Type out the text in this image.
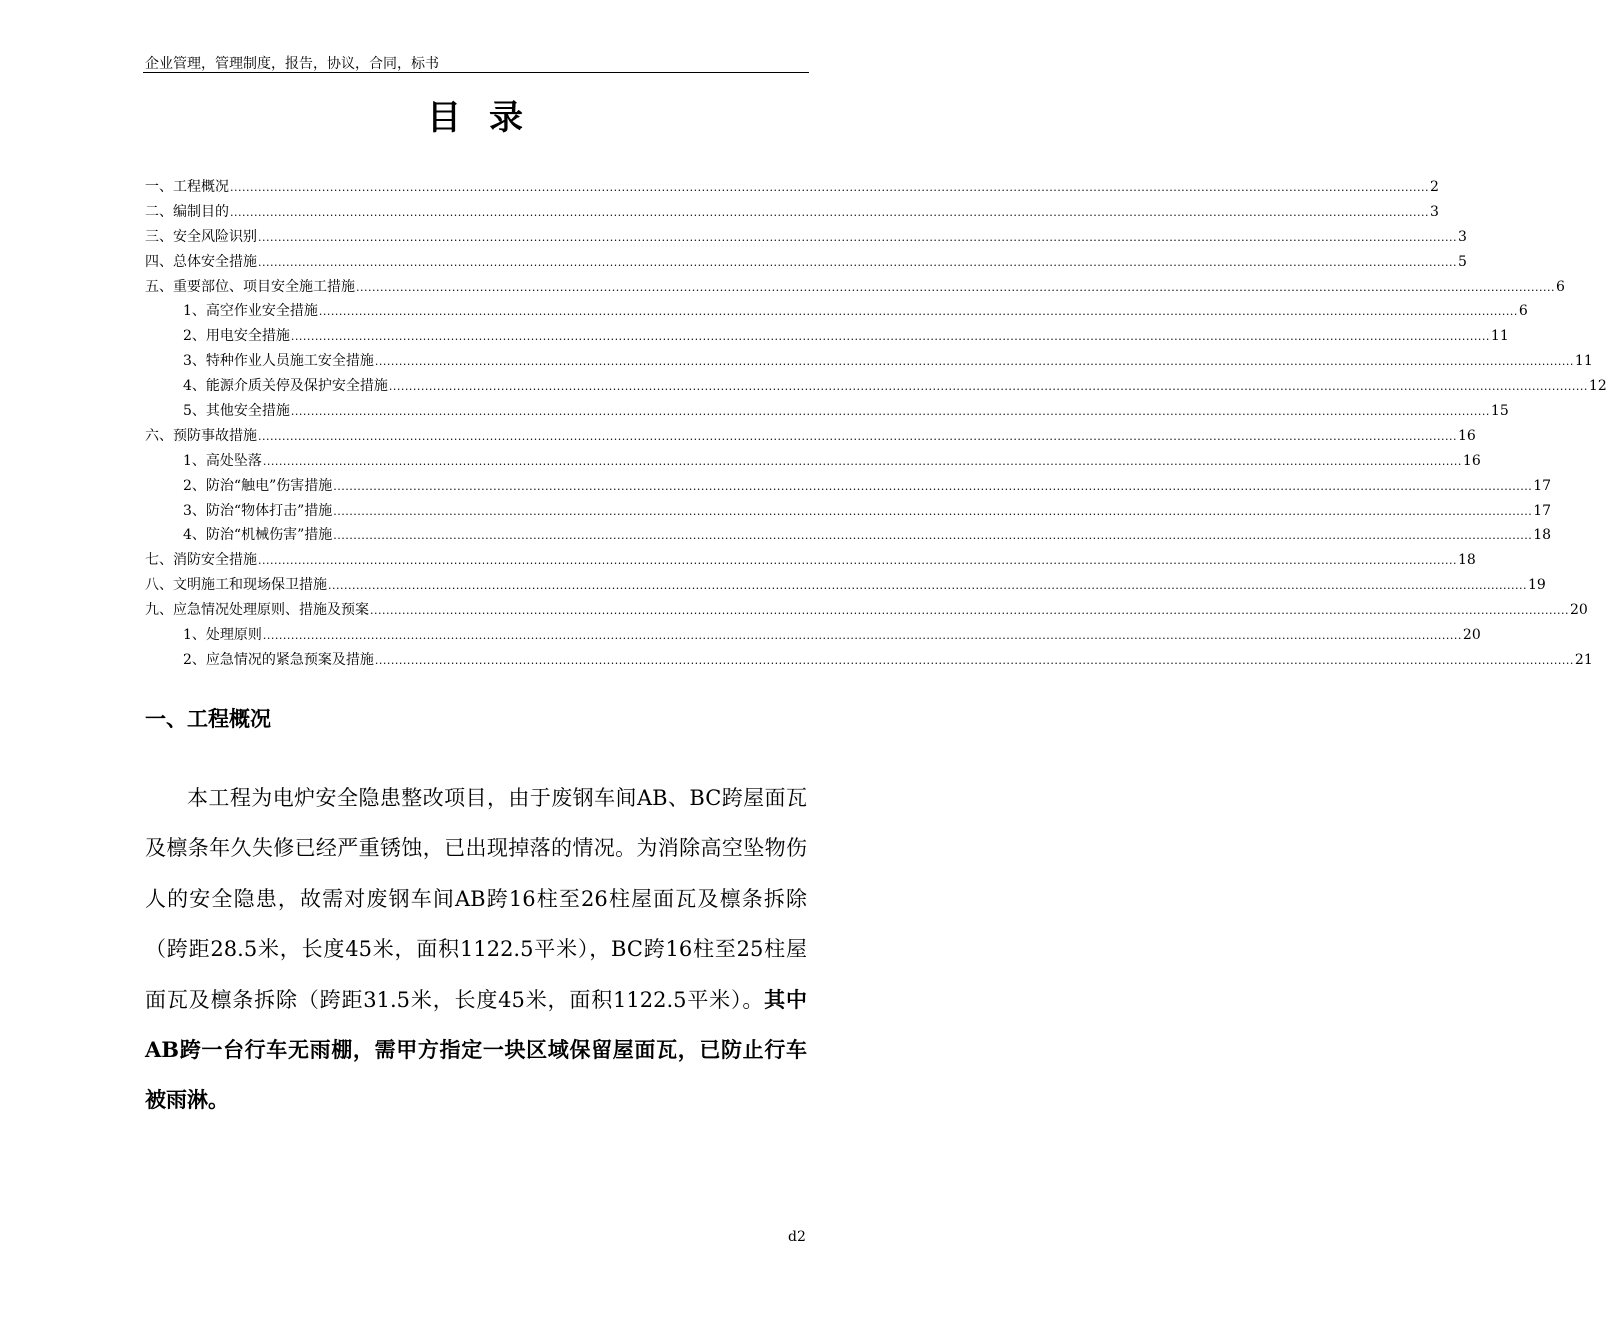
企业管理，管理制度，报告，协议，合同，标书
目录
一、工程概况 ............................................................................................................................................................................................................................................................................................................ 2
二、编制目的 ............................................................................................................................................................................................................................................................................................................ 3
三、安全风险识别 ............................................................................................................................................................................................................................................................................................................ 3
四、总体安全措施 ............................................................................................................................................................................................................................................................................................................ 5
五、重要部位、项目安全施工措施 ............................................................................................................................................................................................................................................................................................................ 6
1、高空作业安全措施 ............................................................................................................................................................................................................................................................................................................ 6
2、用电安全措施 ............................................................................................................................................................................................................................................................................................................ 11
3、特种作业人员施工安全措施 ............................................................................................................................................................................................................................................................................................................ 11
4、能源介质关停及保护安全措施 ............................................................................................................................................................................................................................................................................................................ 12
5、其他安全措施 ............................................................................................................................................................................................................................................................................................................ 15
六、预防事故措施 ............................................................................................................................................................................................................................................................................................................ 16
1、高处坠落 ............................................................................................................................................................................................................................................................................................................ 16
2、防治“触电”伤害措施 ............................................................................................................................................................................................................................................................................................................ 17
3、防治“物体打击”措施 ............................................................................................................................................................................................................................................................................................................ 17
4、防治“机械伤害”措施 ............................................................................................................................................................................................................................................................................................................ 18
七、消防安全措施 ............................................................................................................................................................................................................................................................................................................ 18
八、文明施工和现场保卫措施 ............................................................................................................................................................................................................................................................................................................ 19
九、应急情况处理原则、措施及预案 ............................................................................................................................................................................................................................................................................................................ 20
1、处理原则 ............................................................................................................................................................................................................................................................................................................ 20
2、应急情况的紧急预案及措施 ............................................................................................................................................................................................................................................................................................................ 21
一、工程概况
本工程为电炉安全隐患整改项目，由于废钢车间AB、BC跨屋面瓦及檩条年久失修已经严重锈蚀，已出现掉落的情况。为消除高空坠物伤人的安全隐患，故需对废钢车间AB跨16柱至26柱屋面瓦及檩条拆除（跨距28.5米，长度45米，面积1122.5平米），BC跨16柱至25柱屋面瓦及檩条拆除（跨距31.5米，长度45米，面积1122.5平米）。其中AB跨一台行车无雨棚，需甲方指定一块区域保留屋面瓦，已防止行车被雨淋。
d2
